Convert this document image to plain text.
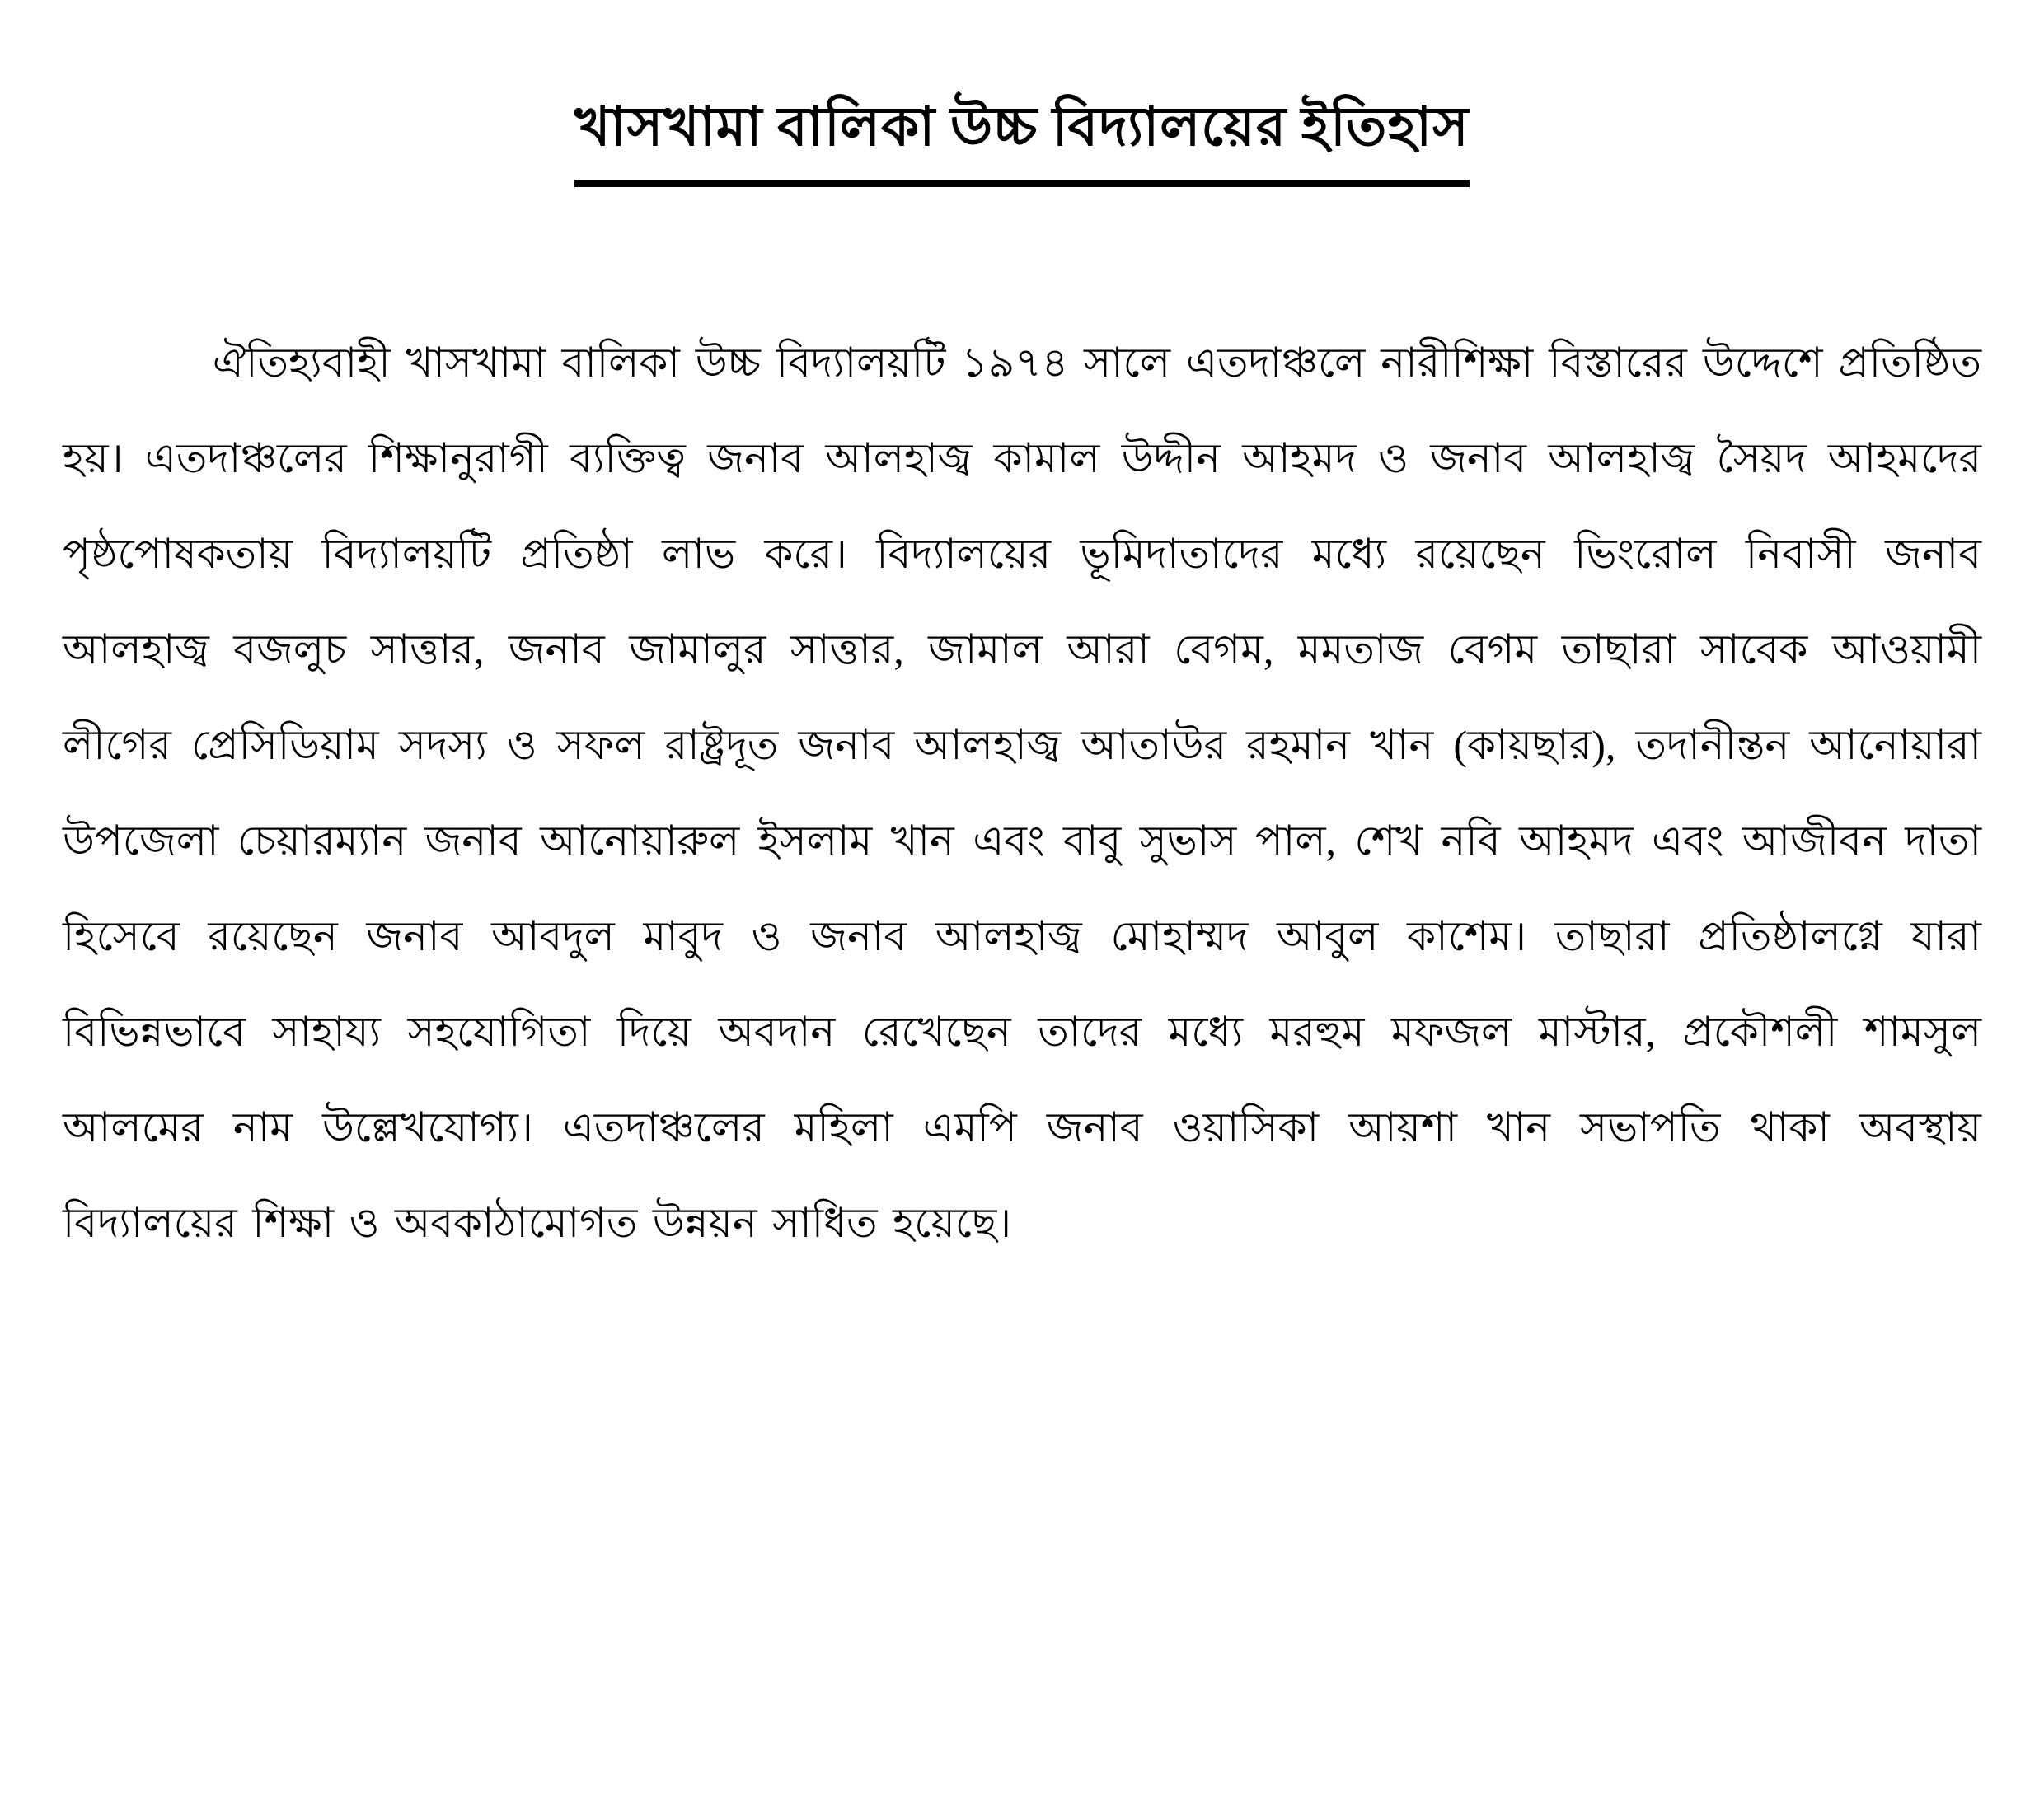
খাসখামা বালিকা উচ্চ বিদ্যালয়ের ইতিহাস

ঐতিহ্যবাহী খাসখামা বালিকা উচ্চ বিদ্যালয়টি ১৯৭৪ সালে এতদাঞ্চলে নারীশিক্ষা বিস্তারের উদ্দেশে প্রতিষ্ঠিত হয়। এতদাঞ্চলের শিক্ষানুরাগী ব্যক্তিত্ব জনাব আলহাজ্ব কামাল উদ্দীন আহমদ ও জনাব আলহাজ্ব সৈয়দ আহমদের পৃষ্ঠপোষকতায় বিদ্যালয়টি প্রতিষ্ঠা লাভ করে। বিদ্যালয়ের ভূমিদাতাদের মধ্যে রয়েছেন ভিংরোল নিবাসী জনাব আলহাজ্ব বজলুচ সাত্তার, জনাব জামালুর সাত্তার, জামাল আরা বেগম, মমতাজ বেগম তাছারা সাবেক আওয়ামী লীগের প্রেসিডিয়াম সদস্য ও সফল রাষ্ট্রদূত জনাব আলহাজ্ব আতাউর রহমান খান (কায়ছার), তদানীন্তন আনোয়ারা উপজেলা চেয়ারম্যান জনাব আনোয়ারুল ইসলাম খান এবং বাবু সুভাস পাল, শেখ নবি আহমদ এবং আজীবন দাতা হিসেবে রয়েছেন জনাব আবদুল মাবুদ ও জনাব আলহাজ্ব মোহাম্মদ আবুল কাশেম। তাছারা প্রতিষ্ঠালগ্নে যারা বিভিন্নভাবে সাহায্য সহযোগিতা দিয়ে অবদান রেখেছেন তাদের মধ্যে মরহুম মফজল মাস্টার, প্রকৌশলী শামসুল আলমের নাম উল্লেখযোগ্য। এতদাঞ্চলের মহিলা এমপি জনাব ওয়াসিকা আয়শা খান সভাপতি থাকা অবস্থায় বিদ্যালয়ের শিক্ষা ও অবকাঠামোগত উন্নয়ন সাধিত হয়েছে।
